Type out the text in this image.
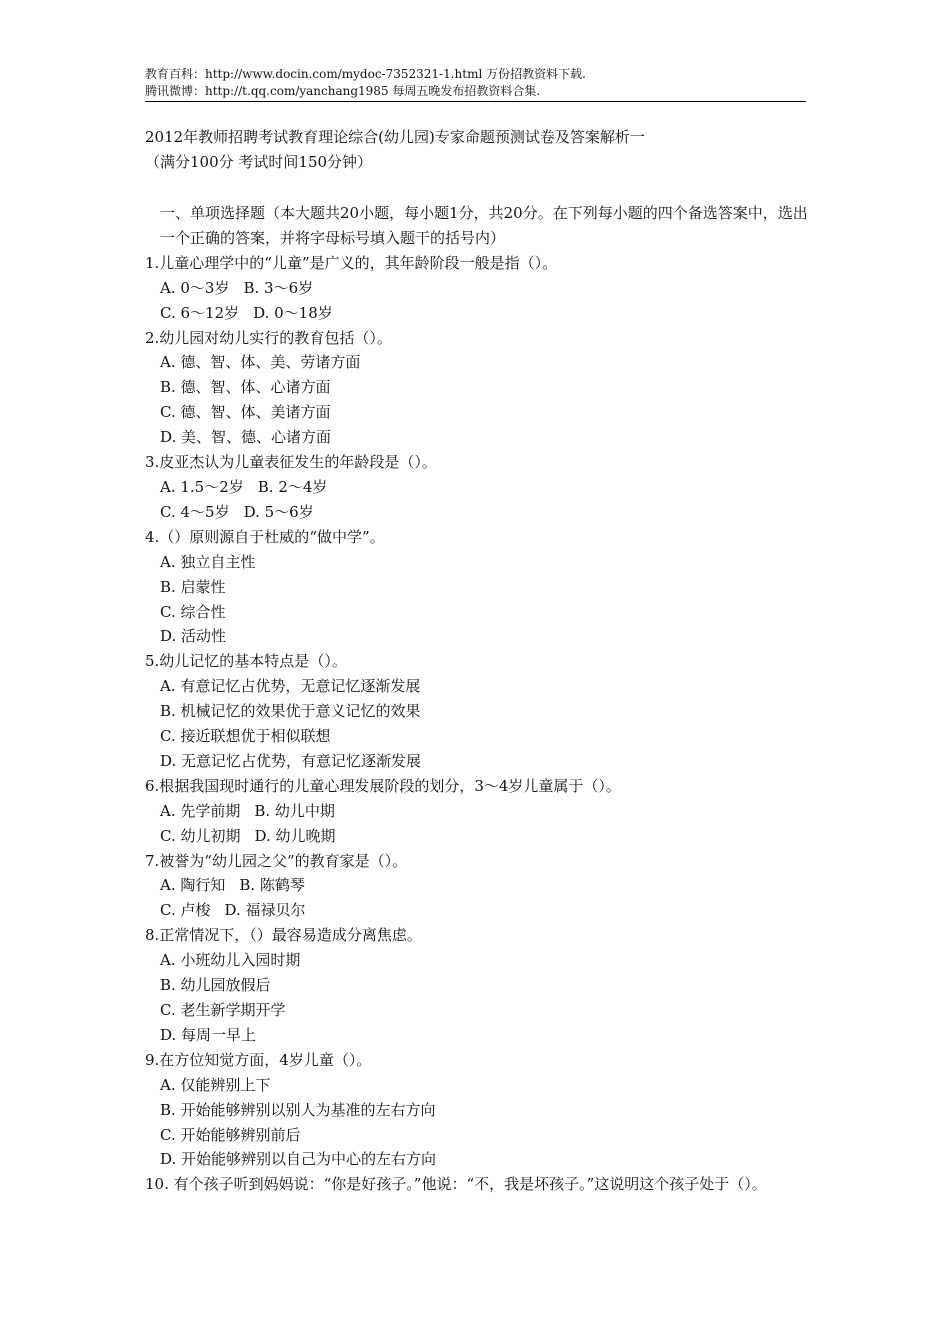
教育百科：http://www.docin.com/mydoc-7352321-1.html 万份招教资料下载.
腾讯微博：http://t.qq.com/yanchang1985 每周五晚发布招教资料合集.
2012年教师招聘考试教育理论综合(幼儿园)专家命题预测试卷及答案解析一
（满分100分 考试时间150分钟）
一、单项选择题（本大题共20小题，每小题1分，共20分。在下列每小题的四个备选答案中，选出一个正确的答案，并将字母标号填入题干的括号内）
1.儿童心理学中的“儿童”是广义的，其年龄阶段一般是指（）。
A. 0～3岁 B. 3～6岁
C. 6～12岁 D. 0～18岁
2.幼儿园对幼儿实行的教育包括（）。
A. 德、智、体、美、劳诸方面
B. 德、智、体、心诸方面
C. 德、智、体、美诸方面
D. 美、智、德、心诸方面
3.皮亚杰认为儿童表征发生的年龄段是（）。
A. 1.5～2岁 B. 2～4岁
C. 4～5岁 D. 5～6岁
4.（）原则源自于杜威的“做中学”。
A. 独立自主性
B. 启蒙性
C. 综合性
D. 活动性
5.幼儿记忆的基本特点是（）。
A. 有意记忆占优势，无意记忆逐渐发展
B. 机械记忆的效果优于意义记忆的效果
C. 接近联想优于相似联想
D. 无意记忆占优势，有意记忆逐渐发展
6.根据我国现时通行的儿童心理发展阶段的划分，3～4岁儿童属于（）。
A. 先学前期 B. 幼儿中期
C. 幼儿初期 D. 幼儿晚期
7.被誉为“幼儿园之父”的教育家是（）。
A. 陶行知 B. 陈鹤琴
C. 卢梭 D. 福禄贝尔
8.正常情况下，（）最容易造成分离焦虑。
A. 小班幼儿入园时期
B. 幼儿园放假后
C. 老生新学期开学
D. 每周一早上
9.在方位知觉方面，4岁儿童（）。
A. 仅能辨别上下
B. 开始能够辨别以别人为基准的左右方向
C. 开始能够辨别前后
D. 开始能够辨别以自己为中心的左右方向
10. 有个孩子听到妈妈说：“你是好孩子。”他说：“不，我是坏孩子。”这说明这个孩子处于（）。
